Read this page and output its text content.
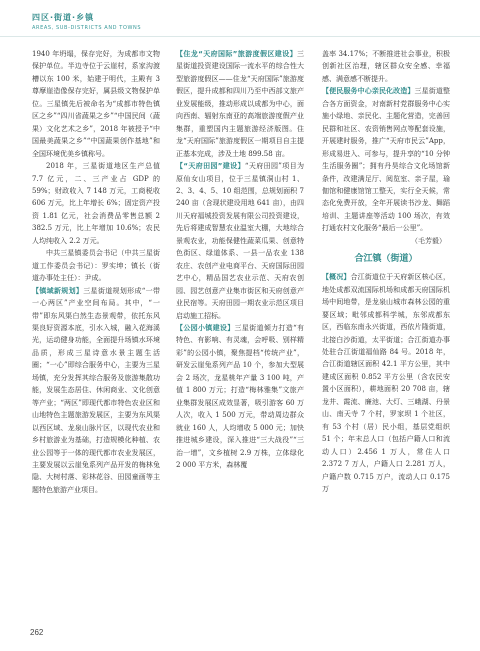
四区·街道·乡镇
AREAS, SUB-DISTRICTS AND TOWNS

1940 年坍塌，保存完好，为成都市文物保护单位。半边寺位于云崖村，系家沟渡槽以东 100 米，始建于明代，主殿有 3 尊摩崖造像保存完好，属县级文物保护单位。三星镇先后被命名为“成都市特色镇区之乡”“四川省蔬果之乡”“中国民间（蔬果）文化艺术之乡”，2018 年被授予“中国最美蔬果之乡”“中国蔬果创作基地”和全国环境优美乡镇称号。

2018 年，三星街道地区生产总值 7.7 亿元，二、三产业占 GDP 的 59%；财政收入 7 148 万元，工商税收 606 万元，比上年增长 6%；固定资产投资 1.81 亿元，社会消费品零售总额 2 382.5 万元，比上年增加 10.6%；农民人均纯收入 2.2 万元。

中共三星镇委员会书记（中共三星街道工作委员会书记）：罗实坤；镇长（街道办事处主任）：尹成。

【镇域新规划】三星街道规划形成“一带一心两区”产业空间布局。其中，“一带”即东风渠白然生态景观带，依托东风渠良好资源本底，引水入城，融入花海溪光，运动健身功能，全面提升场镇水环境品质，形成三星诗意水景主题生活圈；“一心”即综合服务中心，主要为三星场镇，充分发挥其综合服务及旅游集散功能，发展生态居住、休闲商业、文化创意等产业；“两区”即现代都市特色农业区和山地特色主题旅游发展区，主要为东风渠以西区域、龙泉山脉片区，以现代农业和乡村旅游业为基础，打造规模化种植、农业公园等于一体的现代都市农业发展区，主要发展以云崖兔系列产品开发的梅林兔隐、大树村落、彩林花谷、田园童画等主题特色旅游产业项目。

【住龙“天府国际”旅游度假区建设】三星街道投资建设国际一流水平的综合性大型旅游度假区——住龙“天府国际”旅游度假区，提升成都和四川乃至中西部文旅产业发展能级，推动形成以成都为中心，面向西南、辐射东南亚的高端旅游度假产业集群，重塑国内主题旅游经济版图。住龙“天府国际”旅游度假区一期项目自主提正基本完成，涉及土地 899.58 亩。

【“天府田园”建设】“天府田园”项目为原仙女山项目，位于三星镇洞山村 1、2、3、4、5、10 组范围，总规划面积 7 240 亩（含现状建设用地 641 亩），由四川天府福城投资发展有限公司投资建设，先后将建成智慧农业温室大棚，大地综合景观农业，功能保健性蔬菜瓜果、创意特色街区、绿道体系、一县一品农业 138 农庄、农创产业电商平台、天府国际田园艺中心，精品国艺农业示范、天府农创园、园艺创意产业集市街区和天府创意产业民宿等。天府田园一期农业示范区项目启动施工招标。

【公园小镇建设】三星街道倾力打造“有特色、有影响、有灵魂，会呼吸、别样精彩”的公园小镇，聚焦提档“传统产业”，研发云崖兔系列产品 10 个，参加大型展会 2 场次，龙星桃年产量 3 100 吨，产值 1 800 万元；打造“梅林雅集”文旅产业集群发展区成效显著，吸引游客 60 万人次，收入 1 500 万元，带动周边群众就业 160 人，人均增收 5 000 元；加快推进城乡建设，深入推进“三大战役”“三治一增”，文乡植树 2.9 万株，立体绿化 2 000 平方米，森林覆

盖率 34.17%；不断推进社会事业，积极创新社区治理，辖区群众安全感、幸福感、满意感不断提升。

【便民服务中心亲民化改造】三星街道整合各方面资金，对南新村党群服务中心实施小绿地、亲民化、主题化营造，完善回民群和社区、农资销售网点等配套设施，开展建时服务，推广“天府市民云”App，形成易进入、可参与，提升享的“10 分钟生活服务圈”；拥有丹昊综合文化场馆新条件，改建满足厅、阅览室、亲子屋，瑜伽馆和健康馆馆工整天，实行全天候，常态化免费开放，全年开展读书沙龙、舞蹈培训、主题讲座等活动 100 场次，有效打通农村文化服务“最后一公里”。

（毛芳毅）

合江镇（街道）

【概况】合江街道位于天府新区核心区，地处成都双流国际机场和成都天府国际机场中间地带，是龙泉山城市森林公园的重要区域；毗邻成都科学城，东邻成都东区，西临东南永兴街道，西依片隆街道，北接白沙街道，太平街道；合江街道办事处驻合江街道福仙路 84 号。2018 年，合江街道辖区面积 42.1 平方公里，其中建成区面积 0.852 平方公里（含农民安置小区面积），耕地面积 20 708 亩，辖龙井、霞流、廉池、大灯、三峨湖、丹景山、南天寺 7 个村，罗家坝 1 个社区，有 53 个村（居）民小组，基层党组织 51 个；年末总人口（包括户籍人口和流动人口）2.456 1 万人，常住人口 2.372 7 万人，户籍人口 2.281 万人，户籍户数 0.715 万户，流动人口 0.175 万

262
